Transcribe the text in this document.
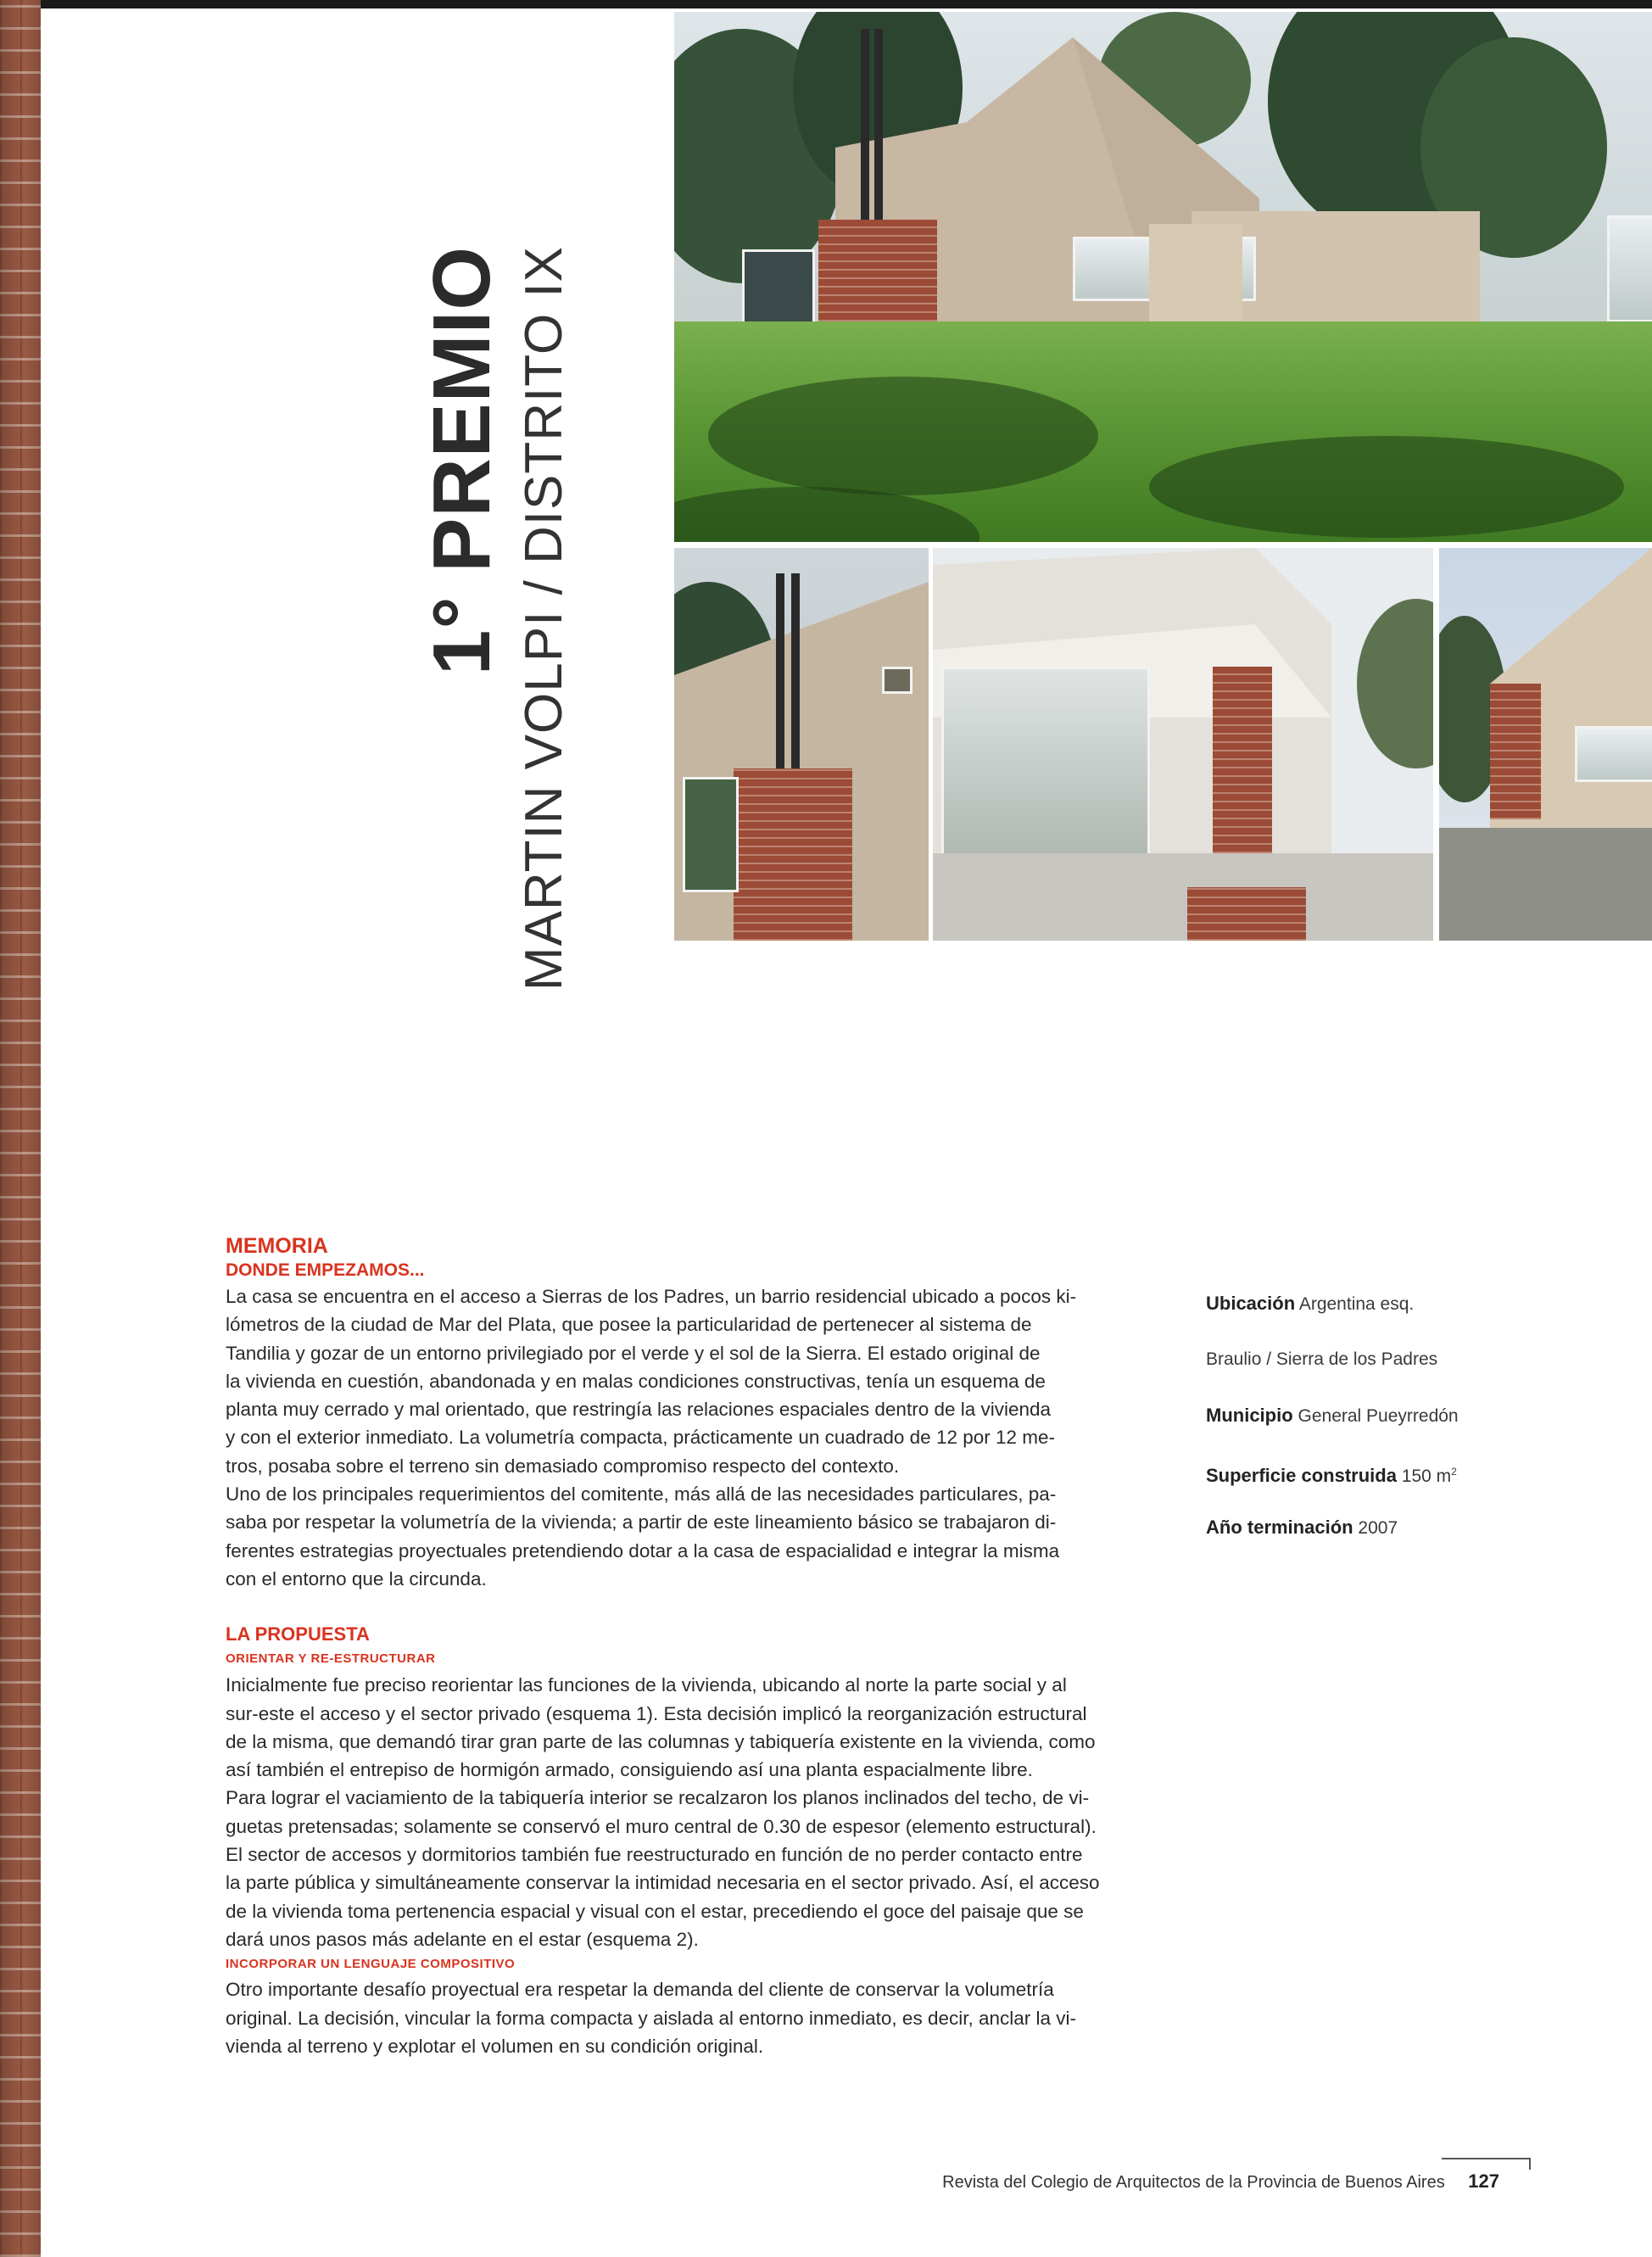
1° PREMIO MARTIN VOLPI / DISTRITO IX
MEMORIA
DONDE EMPEZAMOS...
La casa se encuentra en el acceso a Sierras de los Padres, un barrio residencial ubicado a pocos ki-
lómetros de la ciudad de Mar del Plata, que posee la particularidad de pertenecer al sistema de
Tandilia y gozar de un entorno privilegiado por el verde y el sol de la Sierra. El estado original de
la vivienda en cuestión, abandonada y en malas condiciones constructivas, tenía un esquema de
planta muy cerrado y mal orientado, que restringía las relaciones espaciales dentro de la vivienda
y con el exterior inmediato. La volumetría compacta, prácticamente un cuadrado de 12 por 12 me-
tros, posaba sobre el terreno sin demasiado compromiso respecto del contexto.
Uno de los principales requerimientos del comitente, más allá de las necesidades particulares, pa-
saba por respetar la volumetría de la vivienda; a partir de este lineamiento básico se trabajaron di-
ferentes estrategias proyectuales pretendiendo dotar a la casa de espacialidad e integrar la misma
con el entorno que la circunda.
LA PROPUESTA
ORIENTAR Y RE-ESTRUCTURAR
Inicialmente fue preciso reorientar las funciones de la vivienda, ubicando al norte la parte social y al
sur-este el acceso y el sector privado (esquema 1). Esta decisión implicó la reorganización estructural
de la misma, que demandó tirar gran parte de las columnas y tabiquería existente en la vivienda, como
así también el entrepiso de hormigón armado, consiguiendo así una planta espacialmente libre.
Para lograr el vaciamiento de la tabiquería interior se recalzaron los planos inclinados del techo, de vi-
guetas pretensadas; solamente se conservó el muro central de 0.30 de espesor (elemento estructural).
El sector de accesos y dormitorios también fue reestructurado en función de no perder contacto entre
la parte pública y simultáneamente conservar la intimidad necesaria en el sector privado. Así, el acceso
de la vivienda toma pertenencia espacial y visual con el estar, precediendo el goce del paisaje que se
dará unos pasos más adelante en el estar (esquema 2).
INCORPORAR UN LENGUAJE COMPOSITIVO
Otro importante desafío proyectual era respetar la demanda del cliente de conservar la volumetría
original. La decisión, vincular la forma compacta y aislada al entorno inmediato, es decir, anclar la vi-
vienda al terreno y explotar el volumen en su condición original.
Ubicación Argentina esq.
Braulio / Sierra de los Padres
Municipio General Pueyrredón
Superficie construida 150 $m^2$
Año terminación 2007
Revista del Colegio de Arquitectos de la Provincia de Buenos Aires 127
